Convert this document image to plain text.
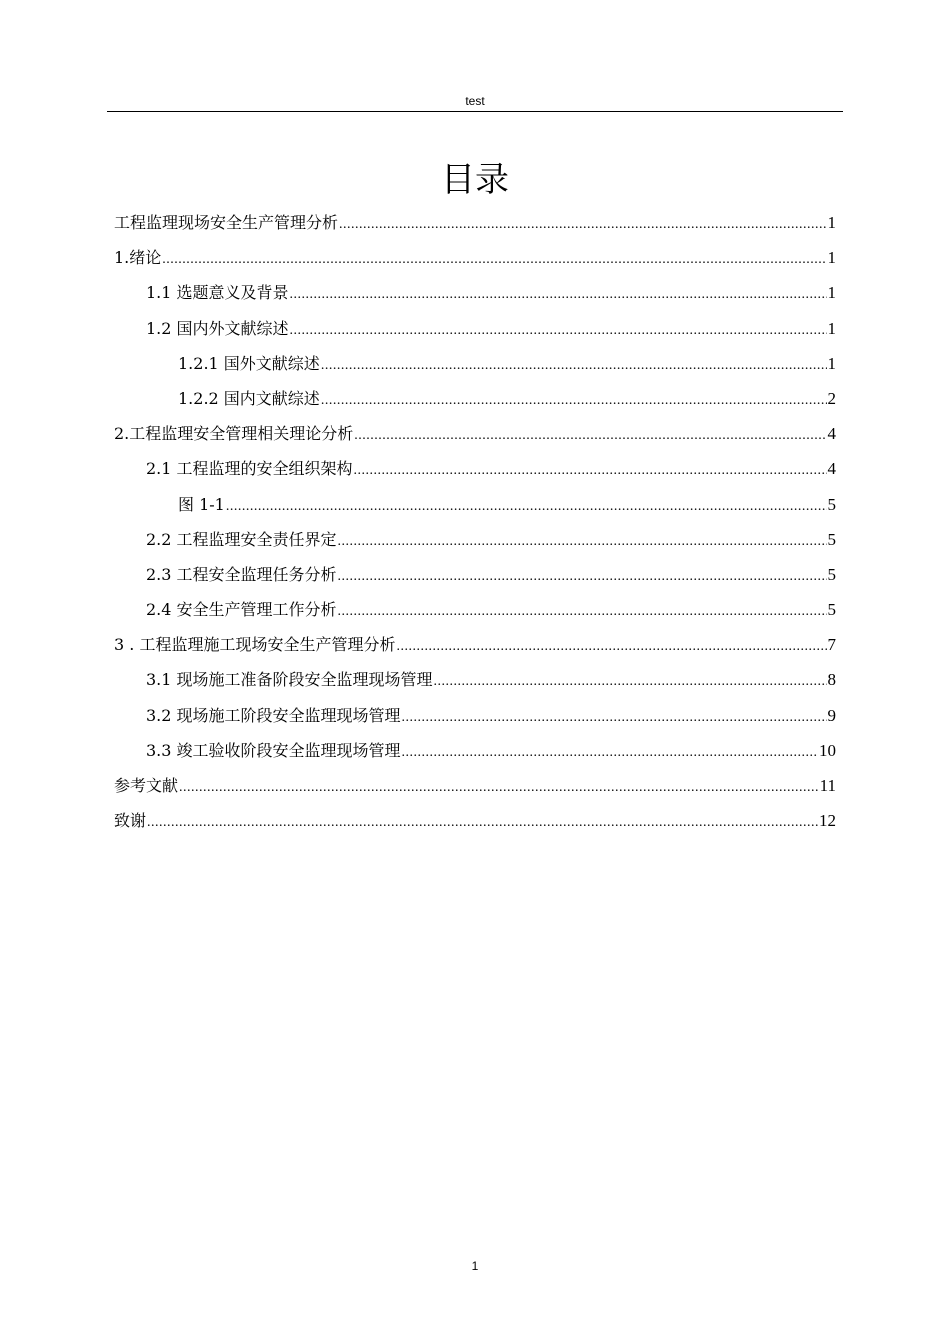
test
目录
工程监理现场安全生产管理分析 .....	1
1.绪论 .....	1
1.1 选题意义及背景 .....	1
1.2 国内外文献综述 .....	1
1.2.1 国外文献综述 .....	1
1.2.2 国内文献综述 .....	2
2.工程监理安全管理相关理论分析 .....	4
2.1 工程监理的安全组织架构 .....	4
图 1-1 .....	5
2.2 工程监理安全责任界定 .....	5
2.3 工程安全监理任务分析 .....	5
2.4 安全生产管理工作分析 .....	5
3 . 工程监理施工现场安全生产管理分析 .....	7
3.1 现场施工准备阶段安全监理现场管理 .....	8
3.2 现场施工阶段安全监理现场管理 .....	9
3.3 竣工验收阶段安全监理现场管理 .....	10
参考文献 .....	11
致谢 .....	12
1
